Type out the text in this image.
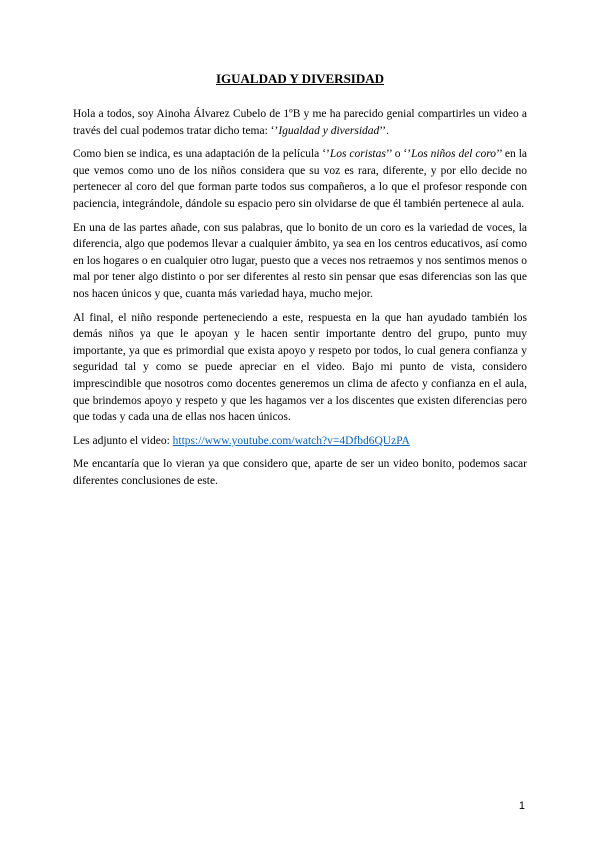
IGUALDAD Y DIVERSIDAD

Hola a todos, soy Ainoha Álvarez Cubelo de 1ºB y me ha parecido genial compartirles un video a través del cual podemos tratar dicho tema: ‘’Igualdad y diversidad’’.

Como bien se indica, es una adaptación de la película ‘’Los coristas’’ o ‘’Los niños del coro’’ en la que vemos como uno de los niños considera que su voz es rara, diferente, y por ello decide no pertenecer al coro del que forman parte todos sus compañeros, a lo que el profesor responde con paciencia, integrándole, dándole su espacio pero sin olvidarse de que él también pertenece al aula.

En una de las partes añade, con sus palabras, que lo bonito de un coro es la variedad de voces, la diferencia, algo que podemos llevar a cualquier ámbito, ya sea en los centros educativos, así como en los hogares o en cualquier otro lugar, puesto que a veces nos retraemos y nos sentimos menos o mal por tener algo distinto o por ser diferentes al resto sin pensar que esas diferencias son las que nos hacen únicos y que, cuanta más variedad haya, mucho mejor.

Al final, el niño responde perteneciendo a este, respuesta en la que han ayudado también los demás niños ya que le apoyan y le hacen sentir importante dentro del grupo, punto muy importante, ya que es primordial que exista apoyo y respeto por todos, lo cual genera confianza y seguridad tal y como se puede apreciar en el video. Bajo mi punto de vista, considero imprescindible que nosotros como docentes generemos un clima de afecto y confianza en el aula, que brindemos apoyo y respeto y que les hagamos ver a los discentes que existen diferencias pero que todas y cada una de ellas nos hacen únicos.

Les adjunto el video: https://www.youtube.com/watch?v=4Dfbd6QUzPA

Me encantaría que lo vieran ya que considero que, aparte de ser un video bonito, podemos sacar diferentes conclusiones de este.

1
